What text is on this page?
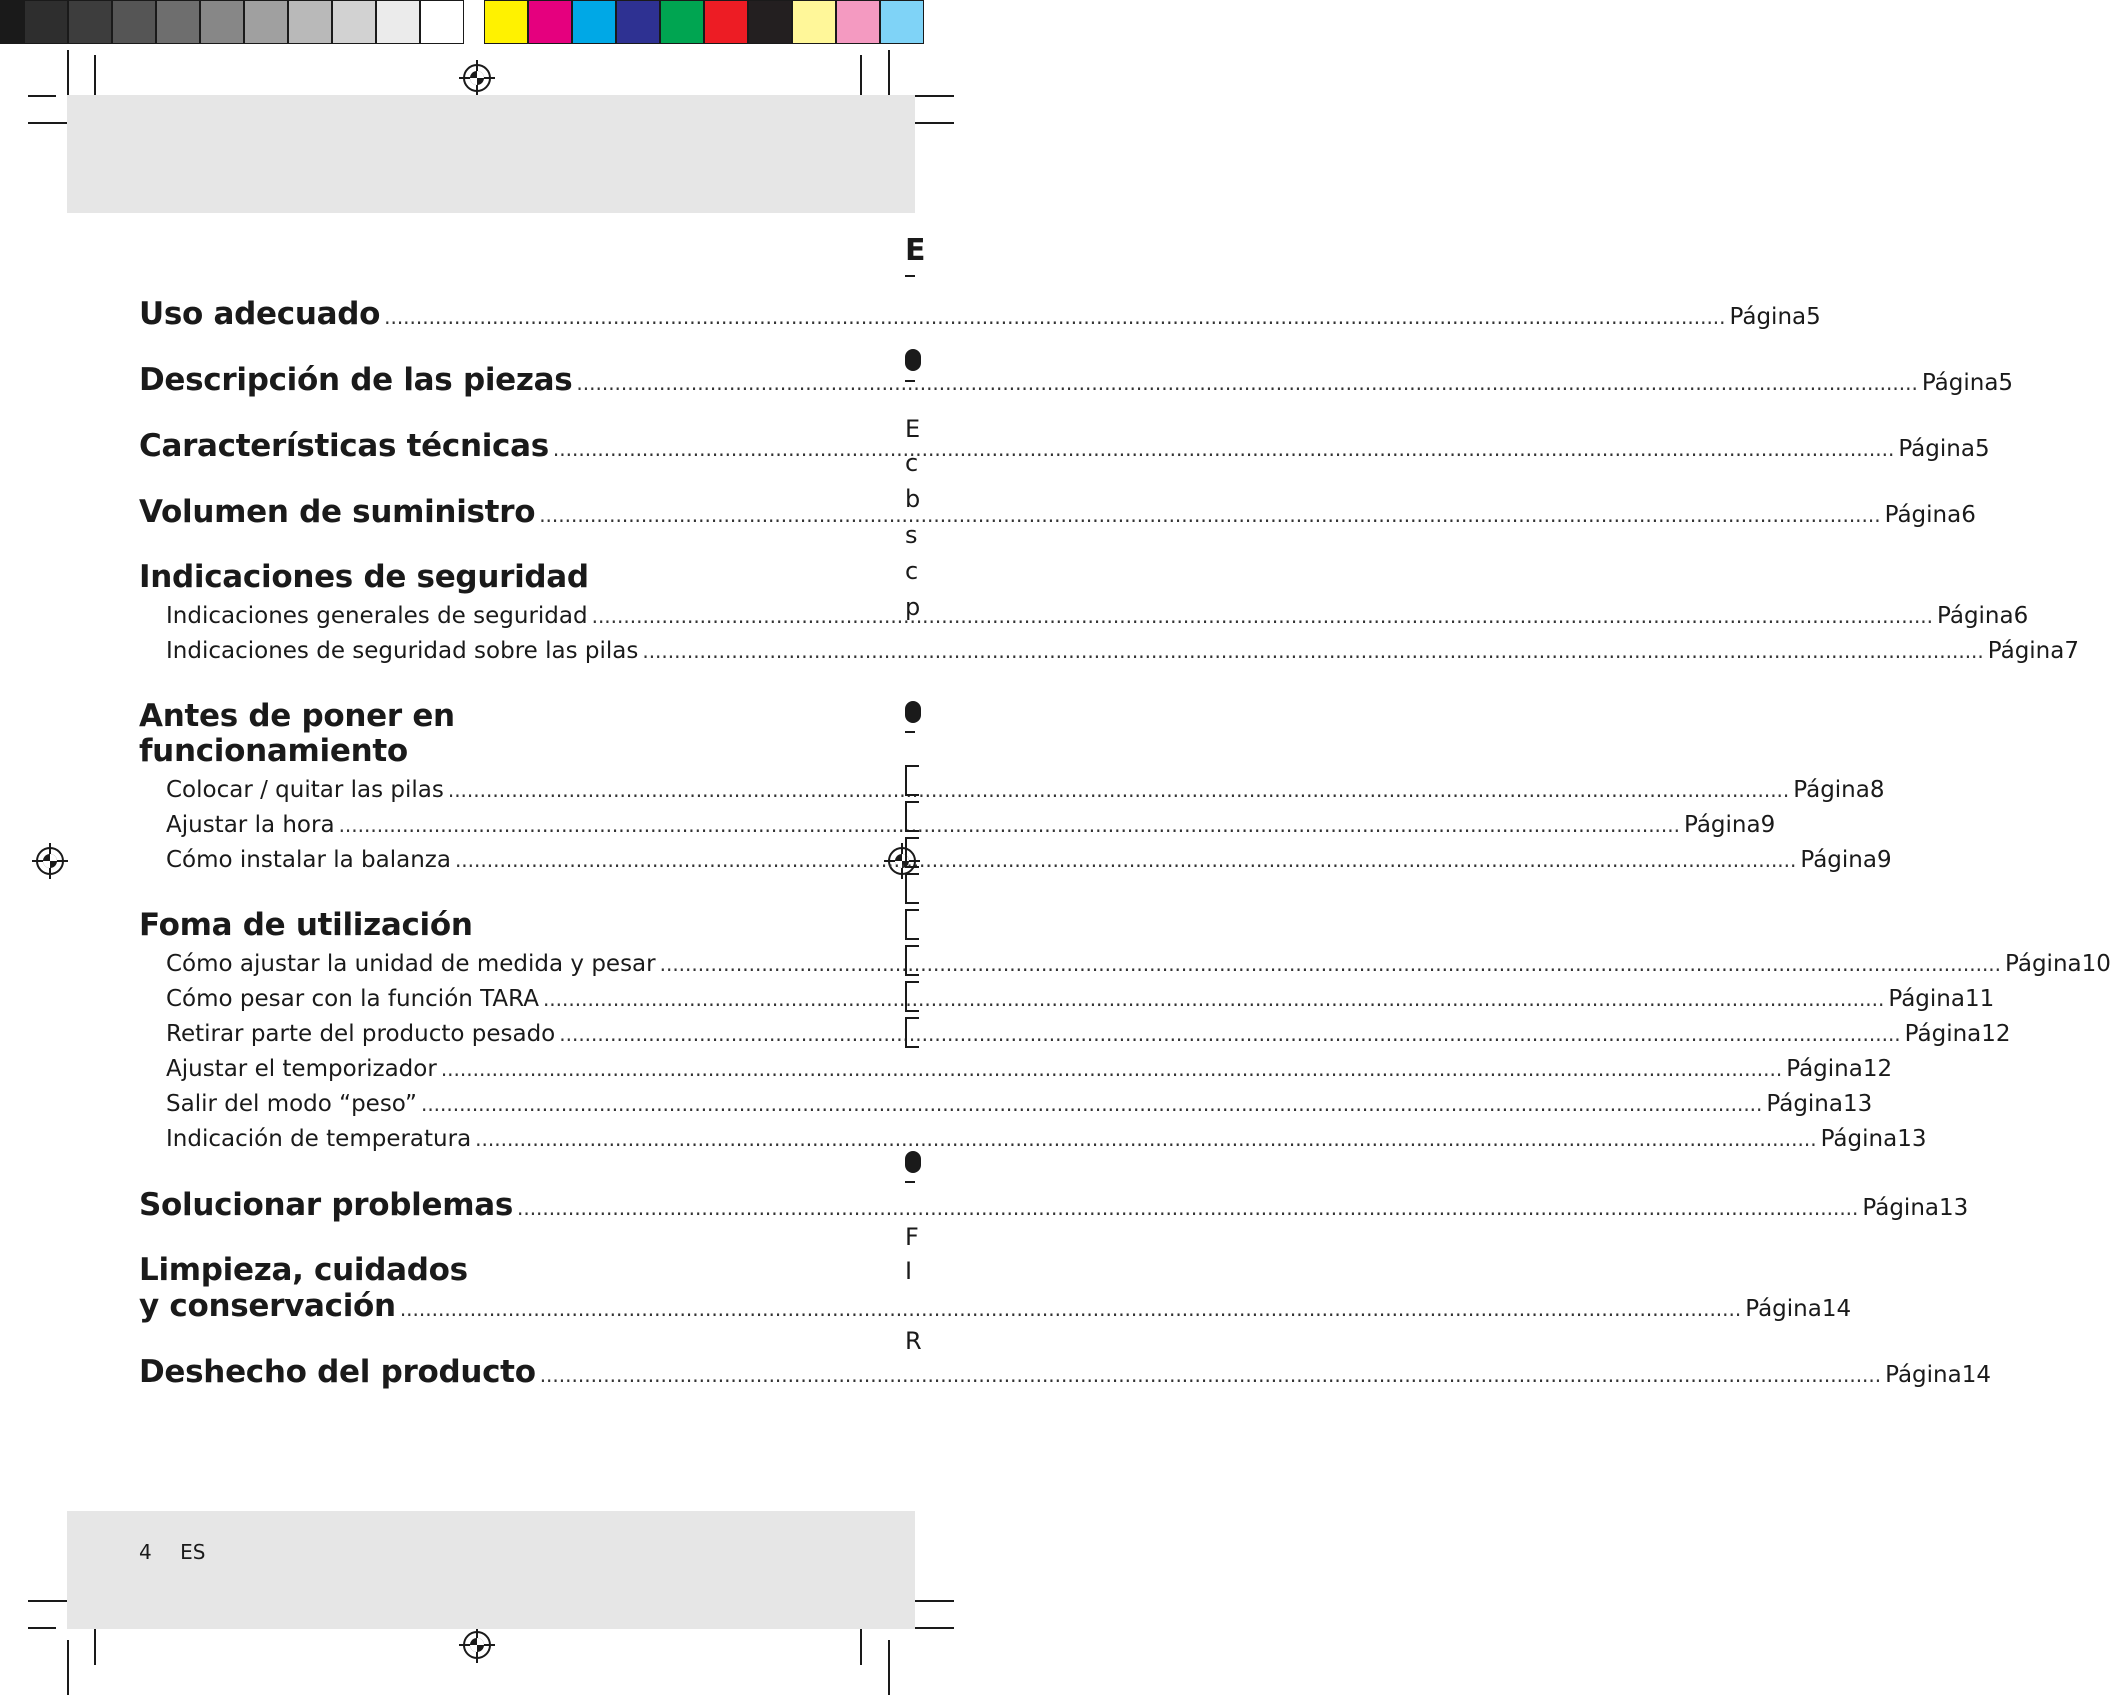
Uso adecuado .....	Página 5
Descripción de las piezas .....	Página 5
Características técnicas .....	Página 5
Volumen de suministro .....	Página 6
Indicaciones de seguridad
Indicaciones generales de seguridad .....	Página 6
Indicaciones de seguridad sobre las pilas .....	Página 7
Antes de poner en
funcionamiento
Colocar / quitar las pilas .....	Página 8
Ajustar la hora .....	Página 9
Cómo instalar la balanza .....	Página 9
Foma de utilización
Cómo ajustar la unidad de medida y pesar .....	Página 10
Cómo pesar con la función TARA .....	Página 11
Retirar parte del producto pesado .....	Página 12
Ajustar el temporizador .....	Página 12
Salir del modo “peso” .....	Página 13
Indicación de temperatura .....	Página 13
Solucionar problemas .....	Página 13
Limpieza, cuidados
y conservación .....	Página 14
Deshecho del producto .....	Página 14
4 ES
E
E
c
b
s
c
p
F
I
R
